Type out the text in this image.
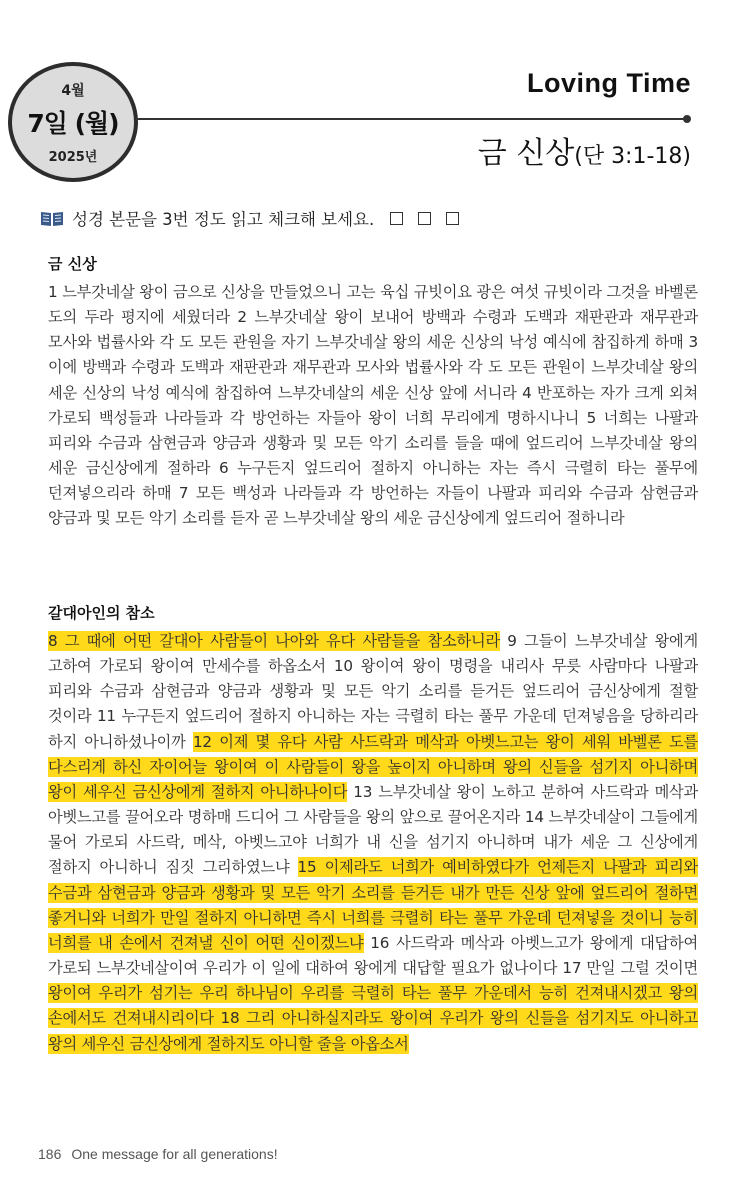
4월
7일 (월)
2025년
Loving Time
금 신상(단 3:1-18)
성경 본문을 3번 정도 읽고 체크해 보세요.
금 신상
1 느부갓네살 왕이 금으로 신상을 만들었으니 고는 육십 규빗이요 광은 여섯 규빗이라 그것을 바벨론 도의 두라 평지에 세웠더라 2 느부갓네살 왕이 보내어 방백과 수령과 도백과 재판관과 재무관과 모사와 법률사와 각 도 모든 관원을 자기 느부갓네살 왕의 세운 신상의 낙성 예식에 참집하게 하매 3 이에 방백과 수령과 도백과 재판관과 재무관과 모사와 법률사와 각 도 모든 관원이 느부갓네살 왕의 세운 신상의 낙성 예식에 참집하여 느부갓네살의 세운 신상 앞에 서니라 4 반포하는 자가 크게 외쳐 가로되 백성들과 나라들과 각 방언하는 자들아 왕이 너희 무리에게 명하시나니 5 너희는 나팔과 피리와 수금과 삼현금과 양금과 생황과 및 모든 악기 소리를 들을 때에 엎드리어 느부갓네살 왕의 세운 금신상에게 절하라 6 누구든지 엎드리어 절하지 아니하는 자는 즉시 극렬히 타는 풀무에 던져넣으리라 하매 7 모든 백성과 나라들과 각 방언하는 자들이 나팔과 피리와 수금과 삼현금과 양금과 및 모든 악기 소리를 듣자 곧 느부갓네살 왕의 세운 금신상에게 엎드리어 절하니라
갈대아인의 참소
8 그 때에 어떤 갈대아 사람들이 나아와 유다 사람들을 참소하니라 9 그들이 느부갓네살 왕에게 고하여 가로되 왕이여 만세수를 하옵소서 10 왕이여 왕이 명령을 내리사 무릇 사람마다 나팔과 피리와 수금과 삼현금과 양금과 생황과 및 모든 악기 소리를 듣거든 엎드리어 금신상에게 절할 것이라 11 누구든지 엎드리어 절하지 아니하는 자는 극렬히 타는 풀무 가운데 던져넣음을 당하리라 하지 아니하셨나이까 12 이제 몇 유다 사람 사드락과 메삭과 아벳느고는 왕이 세워 바벨론 도를 다스리게 하신 자이어늘 왕이여 이 사람들이 왕을 높이지 아니하며 왕의 신들을 섬기지 아니하며 왕이 세우신 금신상에게 절하지 아니하나이다 13 느부갓네살 왕이 노하고 분하여 사드락과 메삭과 아벳느고를 끌어오라 명하매 드디어 그 사람들을 왕의 앞으로 끌어온지라 14 느부갓네살이 그들에게 물어 가로되 사드락, 메삭, 아벳느고야 너희가 내 신을 섬기지 아니하며 내가 세운 그 신상에게 절하지 아니하니 짐짓 그리하였느냐 15 이제라도 너희가 예비하였다가 언제든지 나팔과 피리와 수금과 삼현금과 양금과 생황과 및 모든 악기 소리를 듣거든 내가 만든 신상 앞에 엎드리어 절하면 좋거니와 너희가 만일 절하지 아니하면 즉시 너희를 극렬히 타는 풀무 가운데 던져넣을 것이니 능히 너희를 내 손에서 건져낼 신이 어떤 신이겠느냐 16 사드락과 메삭과 아벳느고가 왕에게 대답하여 가로되 느부갓네살이여 우리가 이 일에 대하여 왕에게 대답할 필요가 없나이다 17 만일 그럴 것이면 왕이여 우리가 섬기는 우리 하나님이 우리를 극렬히 타는 풀무 가운데서 능히 건져내시겠고 왕의 손에서도 건져내시리이다 18 그리 아니하실지라도 왕이여 우리가 왕의 신들을 섬기지도 아니하고 왕의 세우신 금신상에게 절하지도 아니할 줄을 아옵소서
186 One message for all generations!
